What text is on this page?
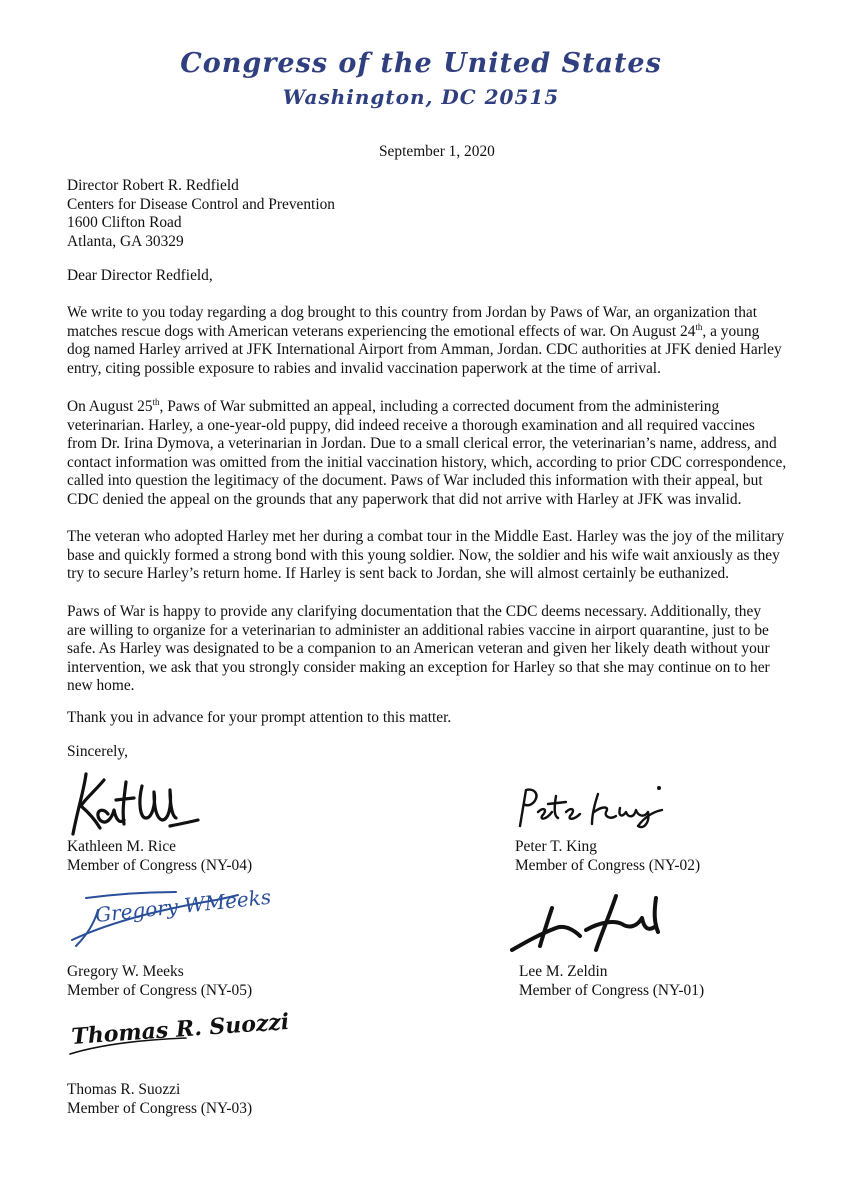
Congress of the United States
Washington, DC 20515
September 1, 2020
Director Robert R. Redfield
Centers for Disease Control and Prevention
1600 Clifton Road
Atlanta, GA 30329
Dear Director Redfield,
We write to you today regarding a dog brought to this country from Jordan by Paws of War, an organization that
matches rescue dogs with American veterans experiencing the emotional effects of war. On August 24th, a young
dog named Harley arrived at JFK International Airport from Amman, Jordan. CDC authorities at JFK denied Harley
entry, citing possible exposure to rabies and invalid vaccination paperwork at the time of arrival.
On August 25th, Paws of War submitted an appeal, including a corrected document from the administering
veterinarian. Harley, a one-year-old puppy, did indeed receive a thorough examination and all required vaccines
from Dr. Irina Dymova, a veterinarian in Jordan. Due to a small clerical error, the veterinarian’s name, address, and
contact information was omitted from the initial vaccination history, which, according to prior CDC correspondence,
called into question the legitimacy of the document. Paws of War included this information with their appeal, but
CDC denied the appeal on the grounds that any paperwork that did not arrive with Harley at JFK was invalid.
The veteran who adopted Harley met her during a combat tour in the Middle East. Harley was the joy of the military
base and quickly formed a strong bond with this young soldier. Now, the soldier and his wife wait anxiously as they
try to secure Harley’s return home. If Harley is sent back to Jordan, she will almost certainly be euthanized.
Paws of War is happy to provide any clarifying documentation that the CDC deems necessary. Additionally, they
are willing to organize for a veterinarian to administer an additional rabies vaccine in airport quarantine, just to be
safe. As Harley was designated to be a companion to an American veteran and given her likely death without your
intervention, we ask that you strongly consider making an exception for Harley so that she may continue on to her
new home.
Thank you in advance for your prompt attention to this matter.
Sincerely,
Gregory WMeeks
Thomas R. Suozzi
Kathleen M. Rice
Member of Congress (NY-04)
Peter T. King
Member of Congress (NY-02)
Gregory W. Meeks
Member of Congress (NY-05)
Lee M. Zeldin
Member of Congress (NY-01)
Thomas R. Suozzi
Member of Congress (NY-03)
